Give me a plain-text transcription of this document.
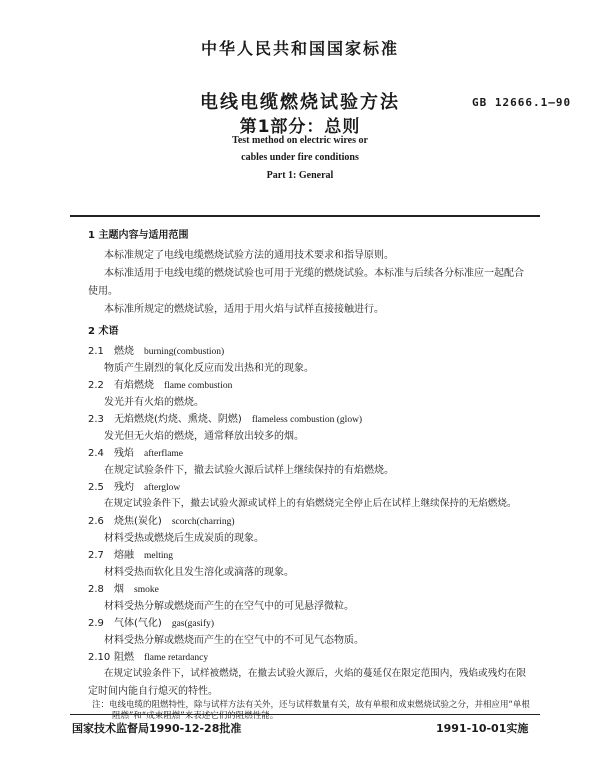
中华人民共和国国家标准
电线电缆燃烧试验方法
第1部分：总则
GB 12666.1—90
Test method on electric wires or
cables under fire conditions
Part 1: General
1 主题内容与适用范围
本标准规定了电线电缆燃烧试验方法的通用技术要求和指导原则。
本标准适用于电线电缆的燃烧试验也可用于光缆的燃烧试验。本标准与后续各分标准应一起配合
使用。
本标准所规定的燃烧试验，适用于用火焰与试样直接接触进行。
2 术语
2.1 燃烧 burning(combustion)
物质产生剧烈的氧化反应而发出热和光的现象。
2.2 有焰燃烧 flame combustion
发光并有火焰的燃烧。
2.3 无焰燃烧(灼烧、熏烧、阴燃) flameless combustion (glow)
发光但无火焰的燃烧，通常释放出较多的烟。
2.4 残焰 afterflame
在规定试验条件下，撤去试验火源后试样上继续保持的有焰燃烧。
2.5 残灼 afterglow
在规定试验条件下，撤去试验火源或试样上的有焰燃烧完全停止后在试样上继续保持的无焰燃烧。
2.6 烧焦(炭化) scorch(charring)
材料受热或燃烧后生成炭质的现象。
2.7 熔融 melting
材料受热而软化且发生溶化或滴落的现象。
2.8 烟 smoke
材料受热分解或燃烧而产生的在空气中的可见悬浮微粒。
2.9 气体(气化) gas(gasify)
材料受热分解或燃烧而产生的在空气中的不可见气态物质。
2.10 阻燃 flame retardancy
在规定试验条件下，试样被燃烧，在撤去试验火源后，火焰的蔓延仅在限定范围内，残焰或残灼在限
定时间内能自行熄灭的特性。
注：电线电缆的阻燃特性，除与试样方法有关外，还与试样数量有关，故有单根和成束燃烧试验之分，并相应用“单根
阻燃”和“成束阻燃”来表述它们的阻燃性能。
国家技术监督局1990-12-28批准	1991-10-01实施
